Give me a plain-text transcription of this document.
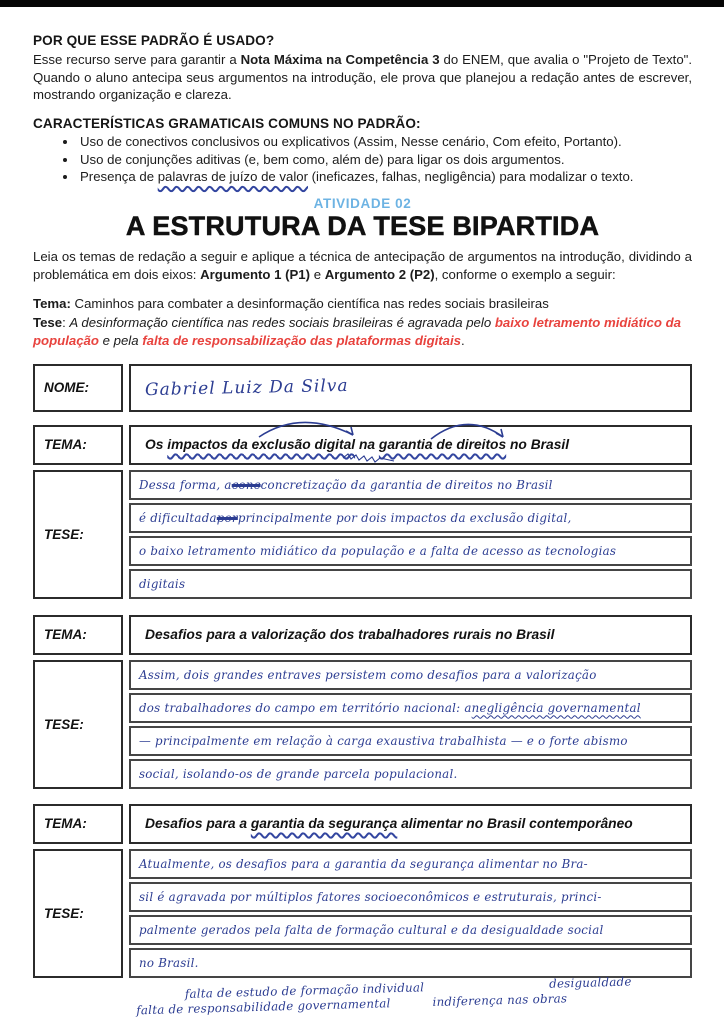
POR QUE ESSE PADRÃO É USADO?

Esse recurso serve para garantir a Nota Máxima na Competência 3 do ENEM, que avalia o "Projeto de Texto". Quando o aluno antecipa seus argumentos na introdução, ele prova que planejou a redação antes de escrever, mostrando organização e clareza.

CARACTERÍSTICAS GRAMATICAIS COMUNS NO PADRÃO:
• Uso de conectivos conclusivos ou explicativos (Assim, Nesse cenário, Com efeito, Portanto).
• Uso de conjunções aditivas (e, bem como, além de) para ligar os dois argumentos.
• Presença de palavras de juízo de valor (ineficazes, falhas, negligência) para modalizar o texto.
ATIVIDADE 02
A ESTRUTURA DA TESE BIPARTIDA

Leia os temas de redação a seguir e aplique a técnica de antecipação de argumentos na introdução, dividindo a problemática em dois eixos: Argumento 1 (P1) e Argumento 2 (P2), conforme o exemplo a seguir:

Tema: Caminhos para combater a desinformação científica nas redes sociais brasileiras
Tese: A desinformação científica nas redes sociais brasileiras é agravada pelo baixo letramento midiático da população e pela falta de responsabilização das plataformas digitais.

NOME:	Gabriel Luiz Da Silva
TEMA:	Os impactos da exclusão digital na garantia de direitos no Brasil
TESE:
Dessa forma, a conc concretização da garantia de direitos no Brasil
é dificultada por principalmente por dois impactos da exclusão digital,
o baixo letramento midiático da população e a falta de acesso as tecnologias
digitais
TEMA:	Desafios para a valorização dos trabalhadores rurais no Brasil
TESE:
Assim, dois grandes entraves persistem como desafios para a valorização
dos trabalhadores do campo em território nacional: a negligência governamental
— principalmente em relação à carga exaustiva trabalhista — e o forte abismo
social, isolando-os de grande parcela populacional.
TEMA:	Desafios para a garantia da segurança alimentar no Brasil contemporâneo
TESE:
Atualmente, os desafios para a garantia da segurança alimentar no Bra-
sil é agravada por múltiplos fatores socioeconômicos e estruturais, princi-
palmente gerados pela falta de formação cultural e da desigualdade social
no Brasil.
falta de estudo de formação individual	desigualdade
falta de responsabilidade governamental	indiferença nas obras
